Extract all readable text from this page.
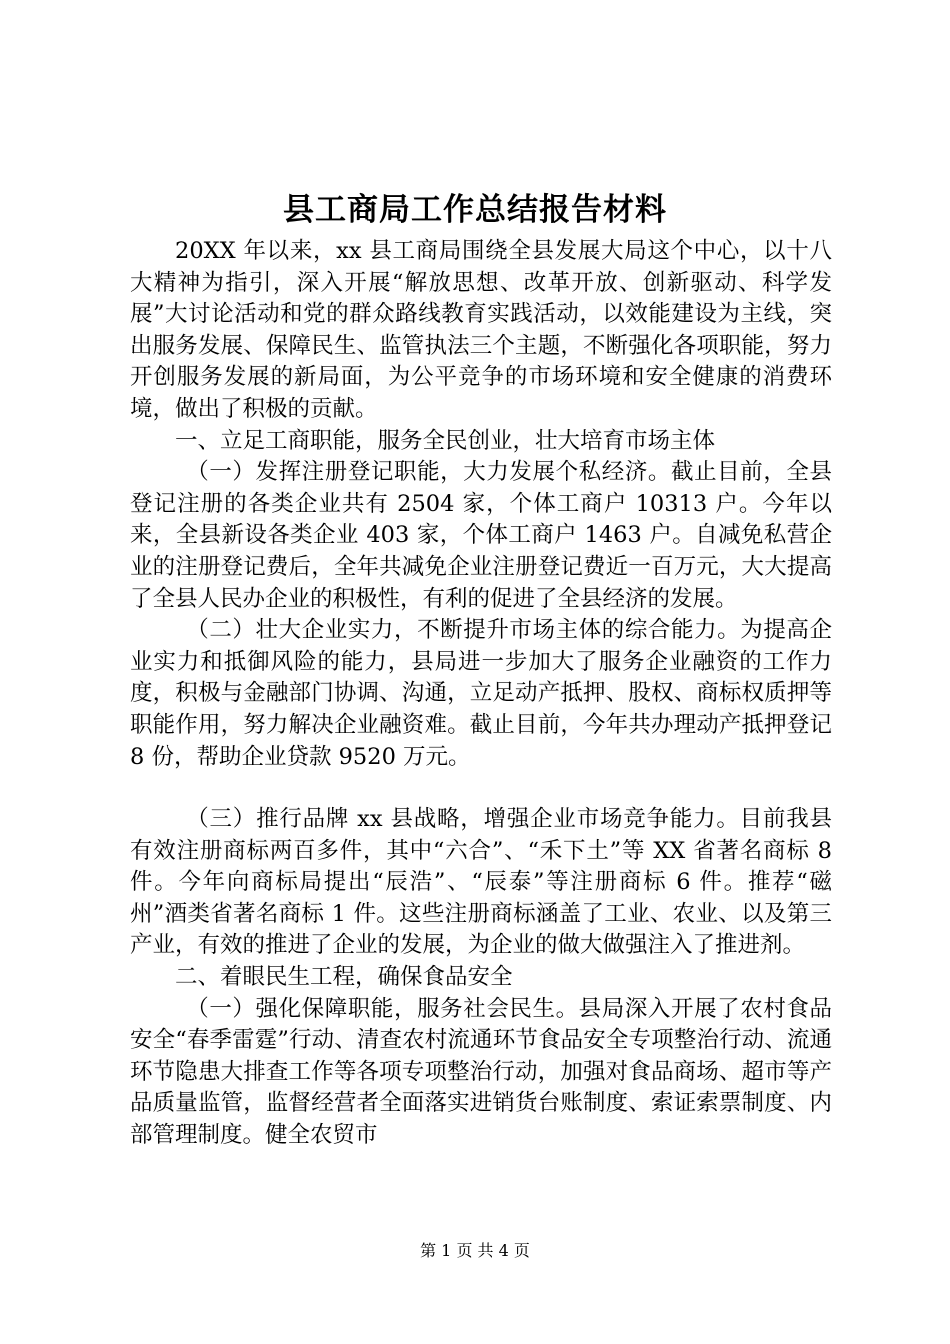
县工商局工作总结报告材料

20XX 年以来，xx 县工商局围绕全县发展大局这个中心，以十八大精神为指引，深入开展“解放思想、改革开放、创新驱动、科学发展”大讨论活动和党的群众路线教育实践活动，以效能建设为主线，突出服务发展、保障民生、监管执法三个主题，不断强化各项职能，努力开创服务发展的新局面，为公平竞争的市场环境和安全健康的消费环境，做出了积极的贡献。

一、立足工商职能，服务全民创业，壮大培育市场主体

（一）发挥注册登记职能，大力发展个私经济。截止目前，全县登记注册的各类企业共有 2504 家，个体工商户 10313 户。今年以来，全县新设各类企业 403 家，个体工商户 1463 户。自减免私营企业的注册登记费后，全年共减免企业注册登记费近一百万元，大大提高了全县人民办企业的积极性，有利的促进了全县经济的发展。

（二）壮大企业实力，不断提升市场主体的综合能力。为提高企业实力和抵御风险的能力，县局进一步加大了服务企业融资的工作力度，积极与金融部门协调、沟通，立足动产抵押、股权、商标权质押等职能作用，努力解决企业融资难。截止目前，今年共办理动产抵押登记 8 份，帮助企业贷款 9520 万元。

（三）推行品牌 xx 县战略，增强企业市场竞争能力。目前我县有效注册商标两百多件，其中“六合”、“禾下土”等 XX 省著名商标 8 件。今年向商标局提出“辰浩”、“辰泰”等注册商标 6 件。推荐“磁州”酒类省著名商标 1 件。这些注册商标涵盖了工业、农业、以及第三产业，有效的推进了企业的发展，为企业的做大做强注入了推进剂。

二、着眼民生工程，确保食品安全

（一）强化保障职能，服务社会民生。县局深入开展了农村食品安全“春季雷霆”行动、清查农村流通环节食品安全专项整治行动、流通环节隐患大排查工作等各项专项整治行动，加强对食品商场、超市等产品质量监管，监督经营者全面落实进销货台账制度、索证索票制度、内部管理制度。健全农贸市

第 1 页 共 4 页
